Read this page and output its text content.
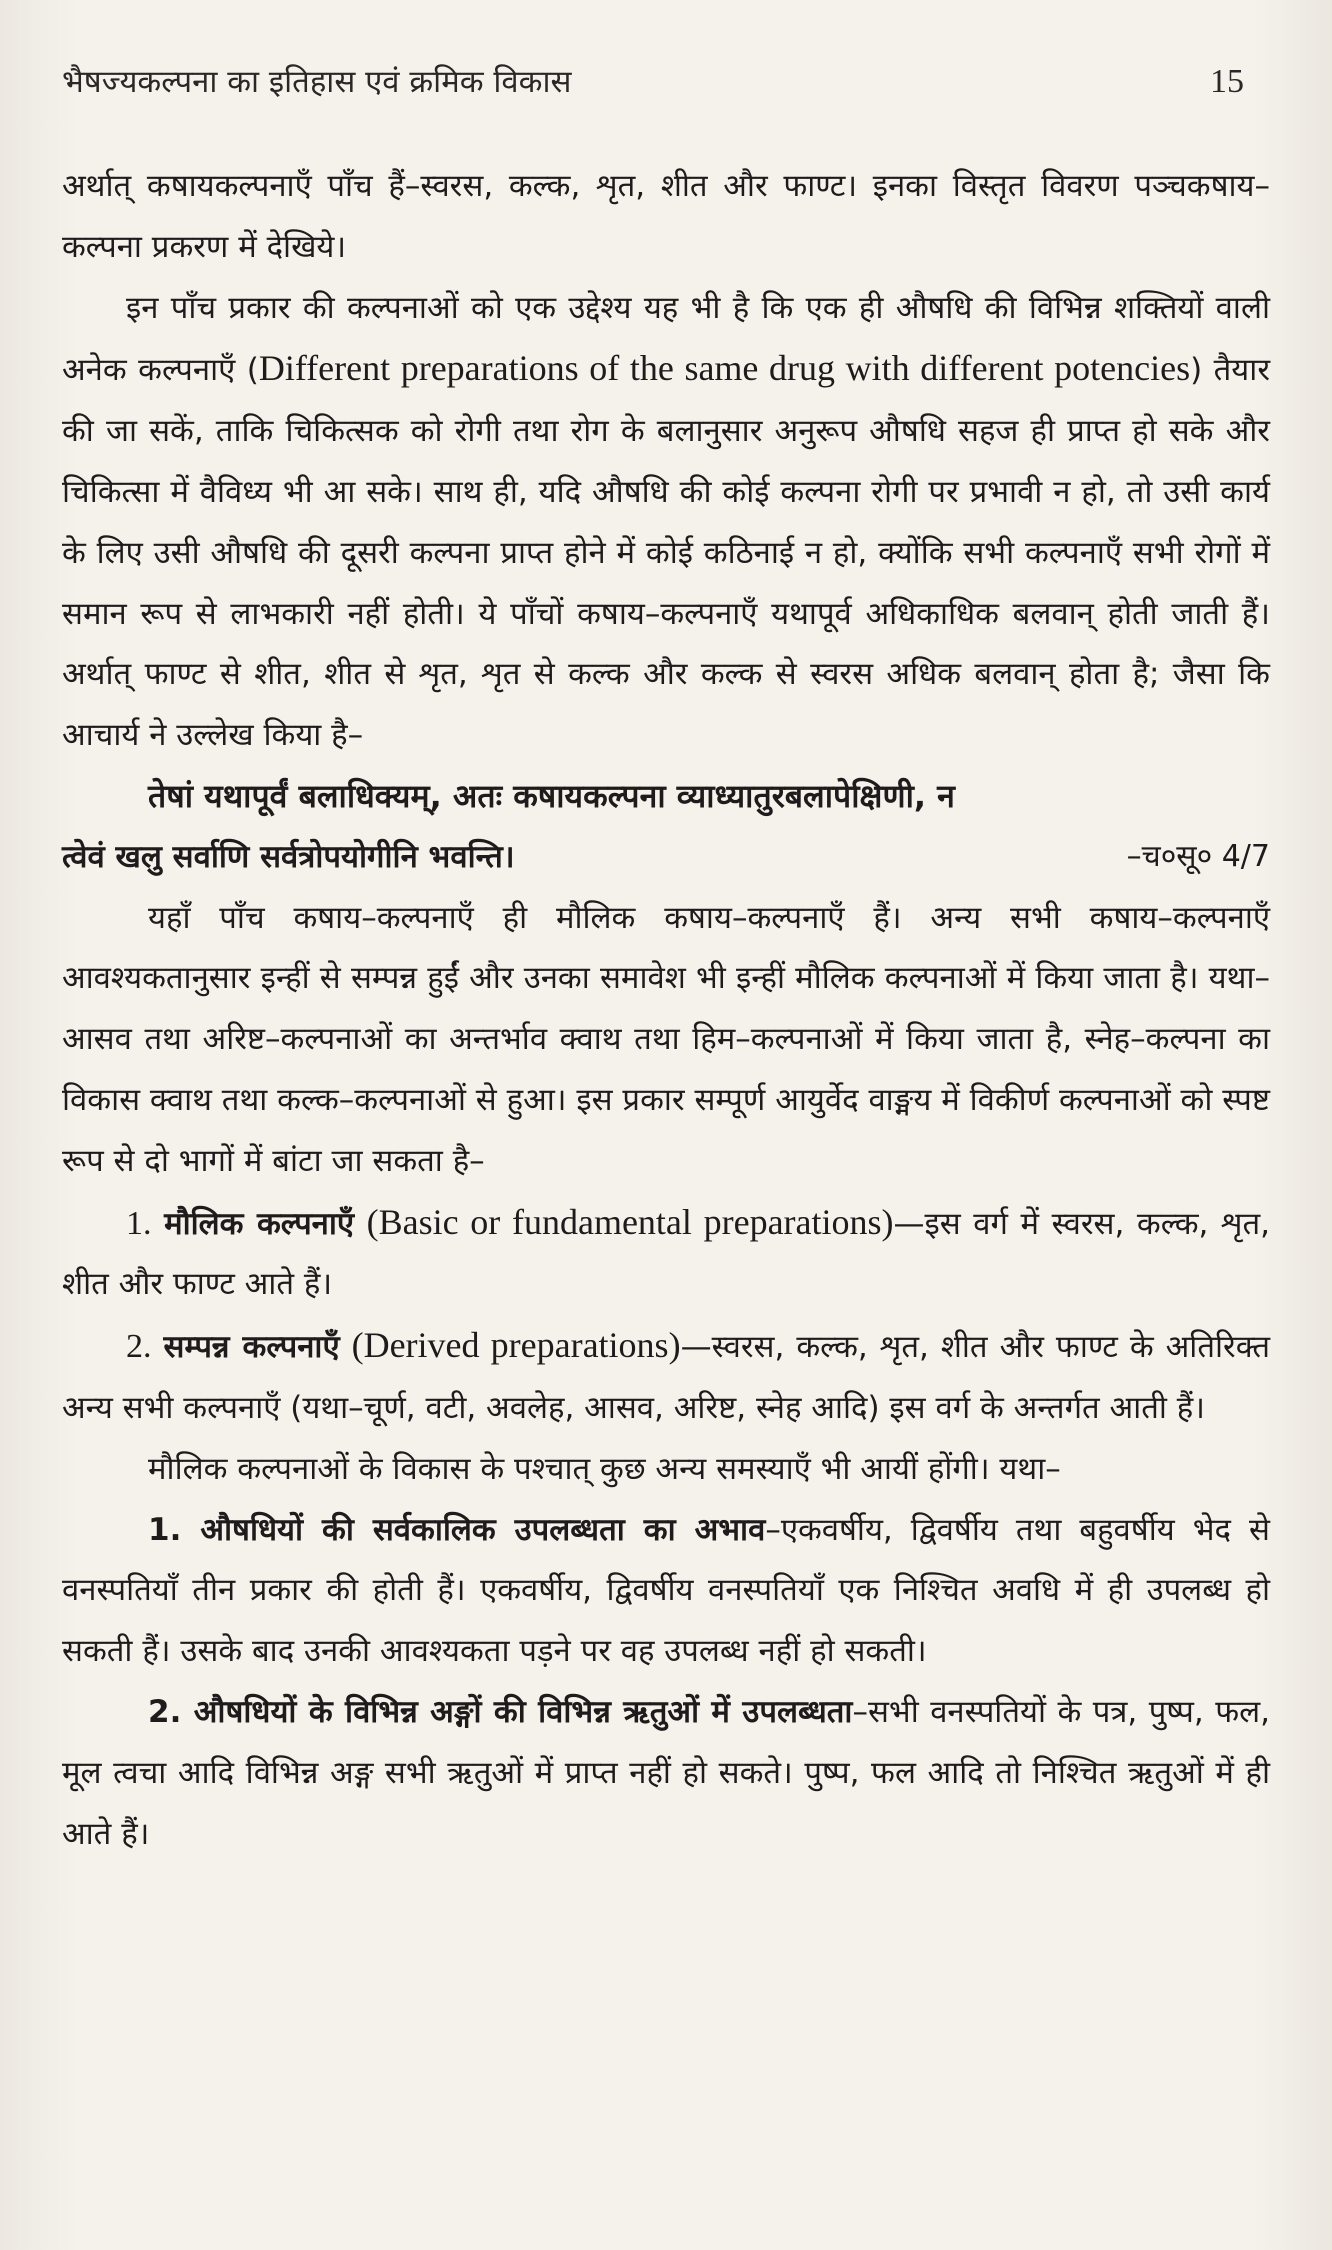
भैषज्यकल्पना का इतिहास एवं क्रमिक विकास	15

अर्थात् कषायकल्पनाएँ पाँच हैं–स्वरस, कल्क, शृत, शीत और फाण्ट। इनका विस्तृत विवरण पञ्चकषाय–कल्पना प्रकरण में देखिये।

इन पाँच प्रकार की कल्पनाओं को एक उद्देश्य यह भी है कि एक ही औषधि की विभिन्न शक्तियों वाली अनेक कल्पनाएँ (Different preparations of the same drug with different potencies) तैयार की जा सकें, ताकि चिकित्सक को रोगी तथा रोग के बलानुसार अनुरूप औषधि सहज ही प्राप्त हो सके और चिकित्सा में वैविध्य भी आ सके। साथ ही, यदि औषधि की कोई कल्पना रोगी पर प्रभावी न हो, तो उसी कार्य के लिए उसी औषधि की दूसरी कल्पना प्राप्त होने में कोई कठिनाई न हो, क्योंकि सभी कल्पनाएँ सभी रोगों में समान रूप से लाभकारी नहीं होती। ये पाँचों कषाय–कल्पनाएँ यथापूर्व अधिकाधिक बलवान् होती जाती हैं। अर्थात् फाण्ट से शीत, शीत से शृत, शृत से कल्क और कल्क से स्वरस अधिक बलवान् होता है; जैसा कि आचार्य ने उल्लेख किया है–

तेषां यथापूर्वं बलाधिक्यम्, अतः कषायकल्पना व्याध्यातुरबलापेक्षिणी, न

त्वेवं खलु सर्वाणि सर्वत्रोपयोगीनि भवन्ति।	–च०सू० 4/7

यहाँ पाँच कषाय–कल्पनाएँ ही मौलिक कषाय–कल्पनाएँ हैं। अन्य सभी कषाय–कल्पनाएँ आवश्यकतानुसार इन्हीं से सम्पन्न हुईं और उनका समावेश भी इन्हीं मौलिक कल्पनाओं में किया जाता है। यथा–आसव तथा अरिष्ट–कल्पनाओं का अन्तर्भाव क्वाथ तथा हिम–कल्पनाओं में किया जाता है, स्नेह–कल्पना का विकास क्वाथ तथा कल्क–कल्पनाओं से हुआ। इस प्रकार सम्पूर्ण आयुर्वेद वाङ्मय में विकीर्ण कल्पनाओं को स्पष्ट रूप से दो भागों में बांटा जा सकता है–

1. मौलिक कल्पनाएँ (Basic or fundamental preparations)—इस वर्ग में स्वरस, कल्क, शृत, शीत और फाण्ट आते हैं।

2. सम्पन्न कल्पनाएँ (Derived preparations)—स्वरस, कल्क, शृत, शीत और फाण्ट के अतिरिक्त अन्य सभी कल्पनाएँ (यथा–चूर्ण, वटी, अवलेह, आसव, अरिष्ट, स्नेह आदि) इस वर्ग के अन्तर्गत आती हैं।

मौलिक कल्पनाओं के विकास के पश्चात् कुछ अन्य समस्याएँ भी आयीं होंगी। यथा–

1. औषधियों की सर्वकालिक उपलब्धता का अभाव–एकवर्षीय, द्विवर्षीय तथा बहुवर्षीय भेद से वनस्पतियाँ तीन प्रकार की होती हैं। एकवर्षीय, द्विवर्षीय वनस्पतियाँ एक निश्चित अवधि में ही उपलब्ध हो सकती हैं। उसके बाद उनकी आवश्यकता पड़ने पर वह उपलब्ध नहीं हो सकती।

2. औषधियों के विभिन्न अङ्गों की विभिन्न ऋतुओं में उपलब्धता–सभी वनस्पतियों के पत्र, पुष्प, फल, मूल त्वचा आदि विभिन्न अङ्ग सभी ऋतुओं में प्राप्त नहीं हो सकते। पुष्प, फल आदि तो निश्चित ऋतुओं में ही आते हैं।
